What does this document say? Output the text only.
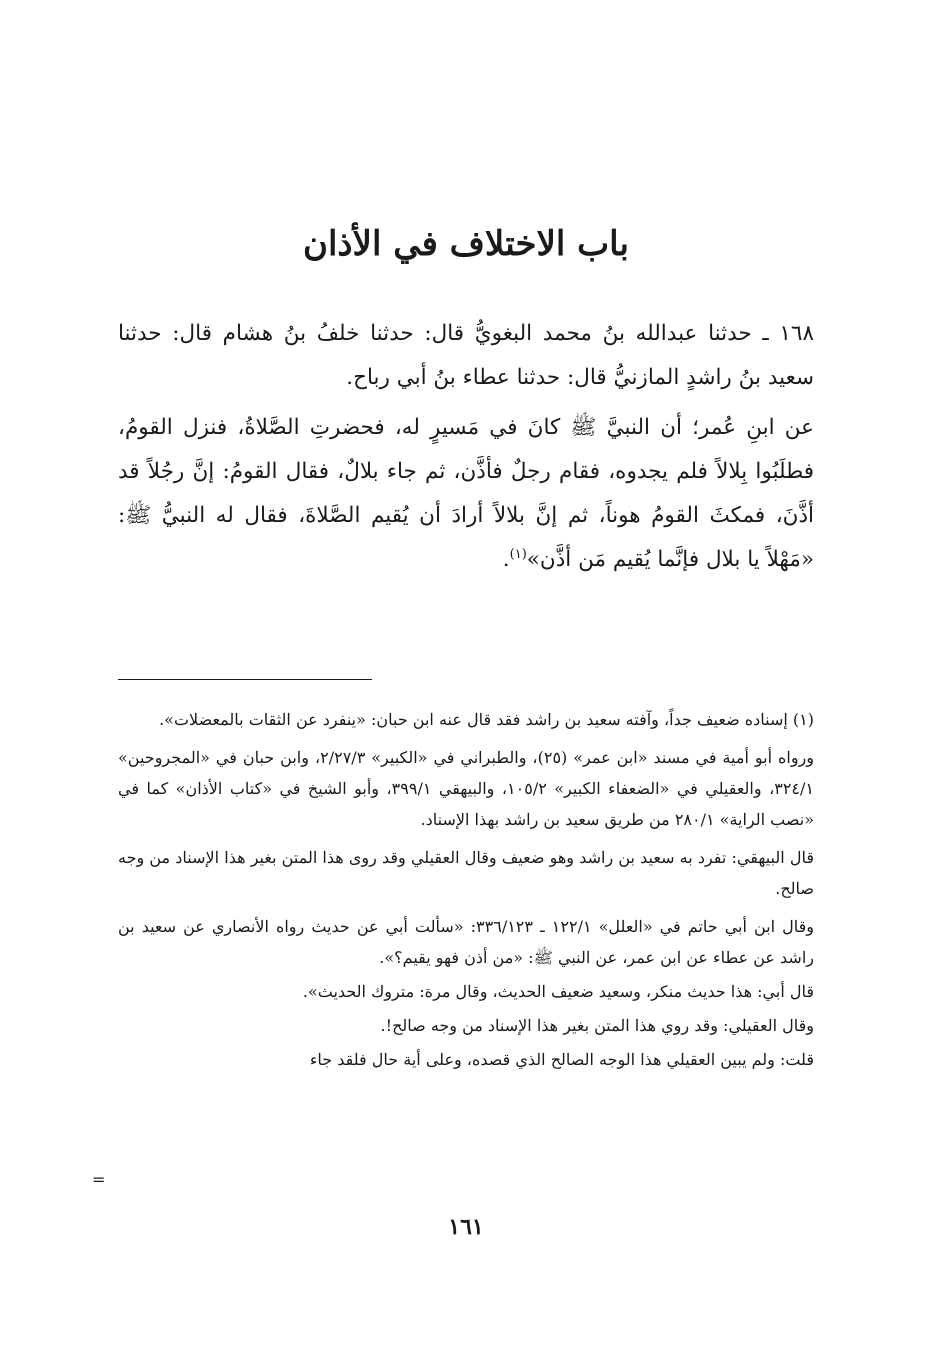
باب الاختلاف في الأذان

١٦٨ ـ حدثنا عبدالله بنُ محمد البغويُّ قال: حدثنا خلفُ بنُ هشام قال: حدثنا سعيد بنُ راشدٍ المازنيُّ قال: حدثنا عطاء بنُ أبي رباح.

عن ابنِ عُمر؛ أن النبيَّ ﷺ كانَ في مَسيرٍ له، فحضرتِ الصَّلاةُ، فنزل القومُ، فطلَبُوا بِلالاً فلم يجدوه، فقام رجلٌ فأذَّن، ثم جاء بلالٌ، فقال القومُ: إنَّ رجُلاً قد أذَّنَ، فمكثَ القومُ هوناً، ثم إنَّ بلالاً أرادَ أن يُقيم الصَّلاةَ، فقال له النبيُّ ﷺ: «مَهْلاً يا بلال فإنَّما يُقيم مَن أذَّن»$^{(١)}$.

(١) إسناده ضعيف جداً، وآفته سعيد بن راشد فقد قال عنه ابن حبان: «ينفرد عن الثقات بالمعضلات».

ورواه أبو أمية في مسند «ابن عمر» (٢٥)، والطبراني في «الكبير» ٢/٢٧/٣، وابن حبان في «المجروحين» ٣٢٤/١، والعقيلي في «الضعفاء الكبير» ١٠٥/٢، والبيهقي ٣٩٩/١، وأبو الشيخ في «كتاب الأذان» كما في «نصب الراية» ٢٨٠/١ من طريق سعيد بن راشد بهذا الإسناد.

قال البيهقي: تفرد به سعيد بن راشد وهو ضعيف وقال العقيلي وقد روى هذا المتن بغير هذا الإسناد من وجه صالح.

وقال ابن أبي حاتم في «العلل» ١٢٢/١ ـ ٣٣٦/١٢٣: «سألت أبي عن حديث رواه الأنصاري عن سعيد بن راشد عن عطاء عن ابن عمر، عن النبي ﷺ: «من أذن فهو يقيم؟».

قال أبي: هذا حديث منكر، وسعيد ضعيف الحديث، وقال مرة: متروك الحديث».

وقال العقيلي: وقد روي هذا المتن بغير هذا الإسناد من وجه صالح!.

قلت: ولم يبين العقيلي هذا الوجه الصالح الذي قصده، وعلى أية حال فلقد جاء

=
١٦١
